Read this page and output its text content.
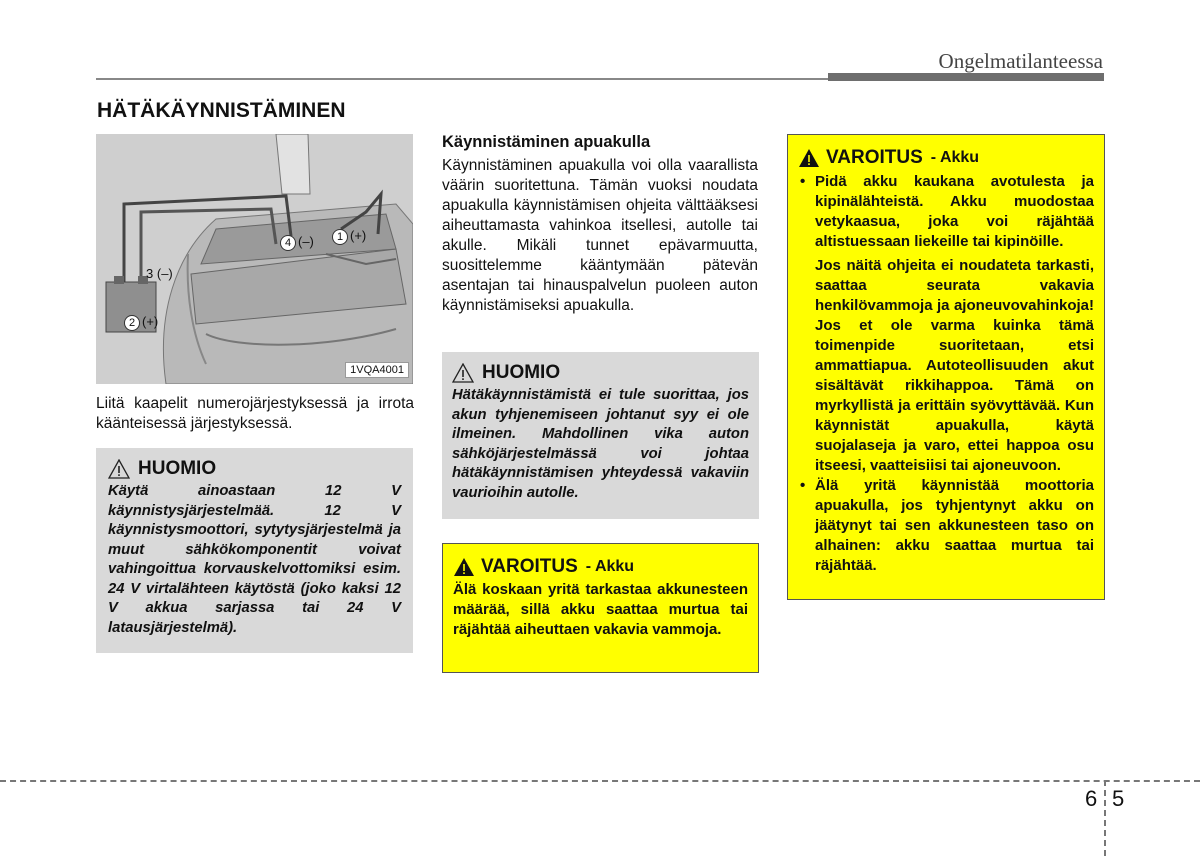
Ongelmatilanteessa
HÄTÄKÄYNNISTÄMINEN
1 (+)
2 (+)
3 (–)
4 (–)
1VQA4001
Liitä kaapelit numerojärjestyksessä ja irrota käänteisessä järjestyksessä.
HUOMIO
Käytä ainoastaan 12 V käynnistysjärjestelmää. 12 V käynnistysmoottori, sytytysjärjestelmä ja muut sähkökomponentit voivat vahingoittua korvauskelvottomiksi esim. 24 V virtalähteen käytöstä (joko kaksi 12 V akkua sarjassa tai 24 V latausjärjestelmä).
Käynnistäminen apuakulla
Käynnistäminen apuakulla voi olla vaarallista väärin suoritettuna. Tämän vuoksi noudata apuakulla käynnistämisen ohjeita välttääksesi aiheuttamasta vahinkoa itsellesi, autolle tai akulle. Mikäli tunnet epävarmuutta, suosittelemme kääntymään pätevän asentajan tai hinauspalvelun puoleen auton käynnistämiseksi apuakulla.
HUOMIO
Hätäkäynnistämistä ei tule suorittaa, jos akun tyhjenemiseen johtanut syy ei ole ilmeinen. Mahdollinen vika auton sähköjärjestelmässä voi johtaa hätäkäynnistämisen yhteydessä vakaviin vaurioihin autolle.
VAROITUS - Akku
Älä koskaan yritä tarkastaa akkunesteen määrää, sillä akku saattaa murtua tai räjähtää aiheuttaen vakavia vammoja.
VAROITUS - Akku
• Pidä akku kaukana avotulesta ja kipinälähteistä. Akku muodostaa vetykaasua, joka voi räjähtää altistuessaan liekeille tai kipinöille.
Jos näitä ohjeita ei noudateta tarkasti, saattaa seurata vakavia henkilövammoja ja ajoneuvovahinkoja! Jos et ole varma kuinka tämä toimenpide suoritetaan, etsi ammattiapua. Autoteollisuuden akut sisältävät rikkihappoa. Tämä on myrkyllistä ja erittäin syövyttävää. Kun käynnistät apuakulla, käytä suojalaseja ja varo, ettei happoa osu itseesi, vaatteisiisi tai ajoneuvoon.
• Älä yritä käynnistää moottoria apuakulla, jos tyhjentynyt akku on jäätynyt tai sen akkunesteen taso on alhainen: akku saattaa murtua tai räjähtää.
6 5
